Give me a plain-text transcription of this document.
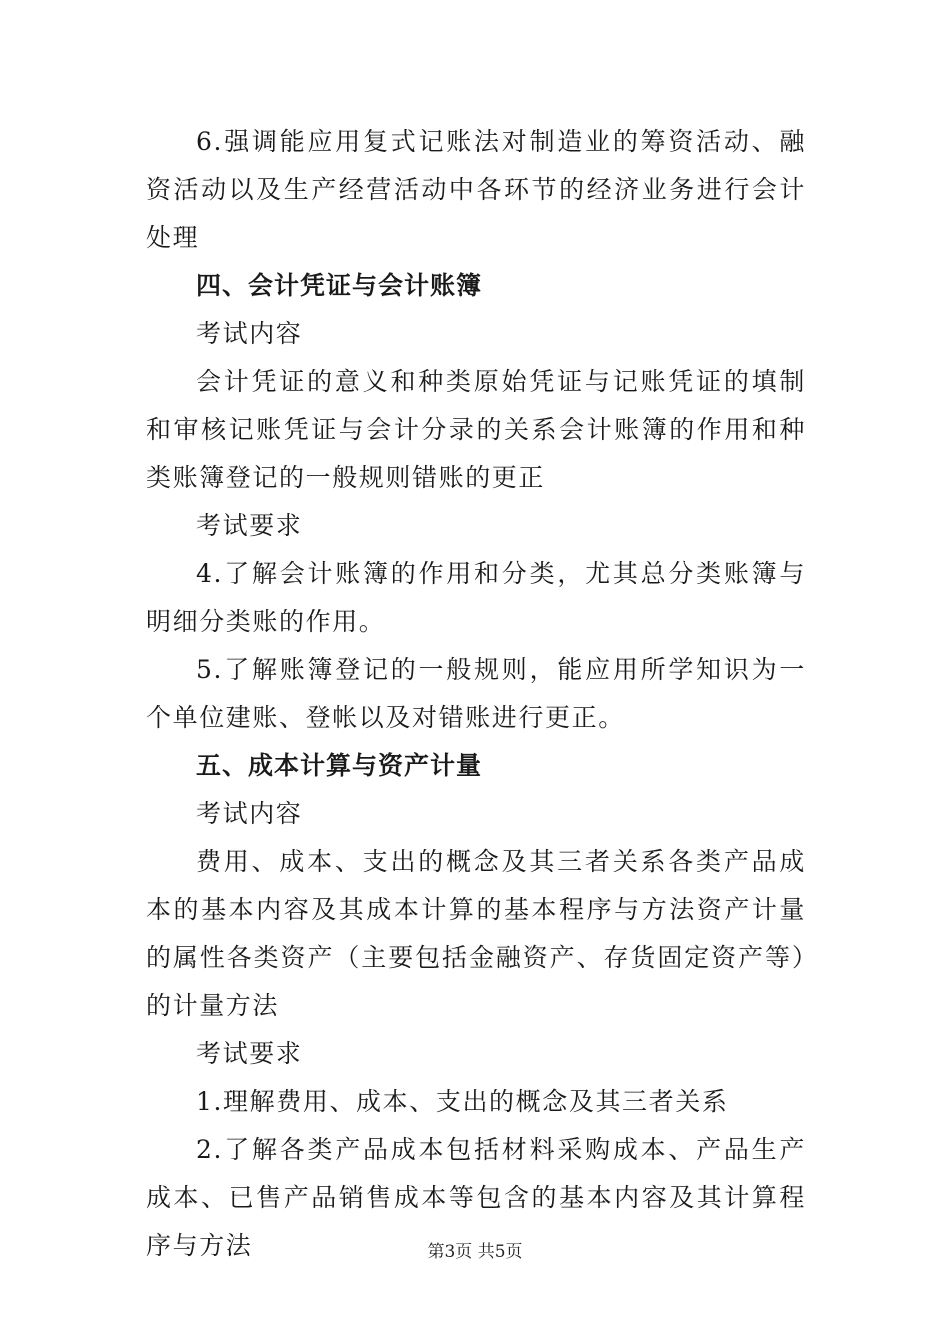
6.强调能应用复式记账法对制造业的筹资活动、融资活动以及生产经营活动中各环节的经济业务进行会计处理

四、会计凭证与会计账簿

考试内容

会计凭证的意义和种类原始凭证与记账凭证的填制和审核记账凭证与会计分录的关系会计账簿的作用和种类账簿登记的一般规则错账的更正

考试要求

4.了解会计账簿的作用和分类，尤其总分类账簿与明细分类账的作用。

5.了解账簿登记的一般规则，能应用所学知识为一个单位建账、登帐以及对错账进行更正。

五、成本计算与资产计量

考试内容

费用、成本、支出的概念及其三者关系各类产品成本的基本内容及其成本计算的基本程序与方法资产计量的属性各类资产（主要包括金融资产、存货固定资产等）的计量方法

考试要求

1.理解费用、成本、支出的概念及其三者关系

2.了解各类产品成本包括材料采购成本、产品生产成本、已售产品销售成本等包含的基本内容及其计算程序与方法	第3页 共5页
